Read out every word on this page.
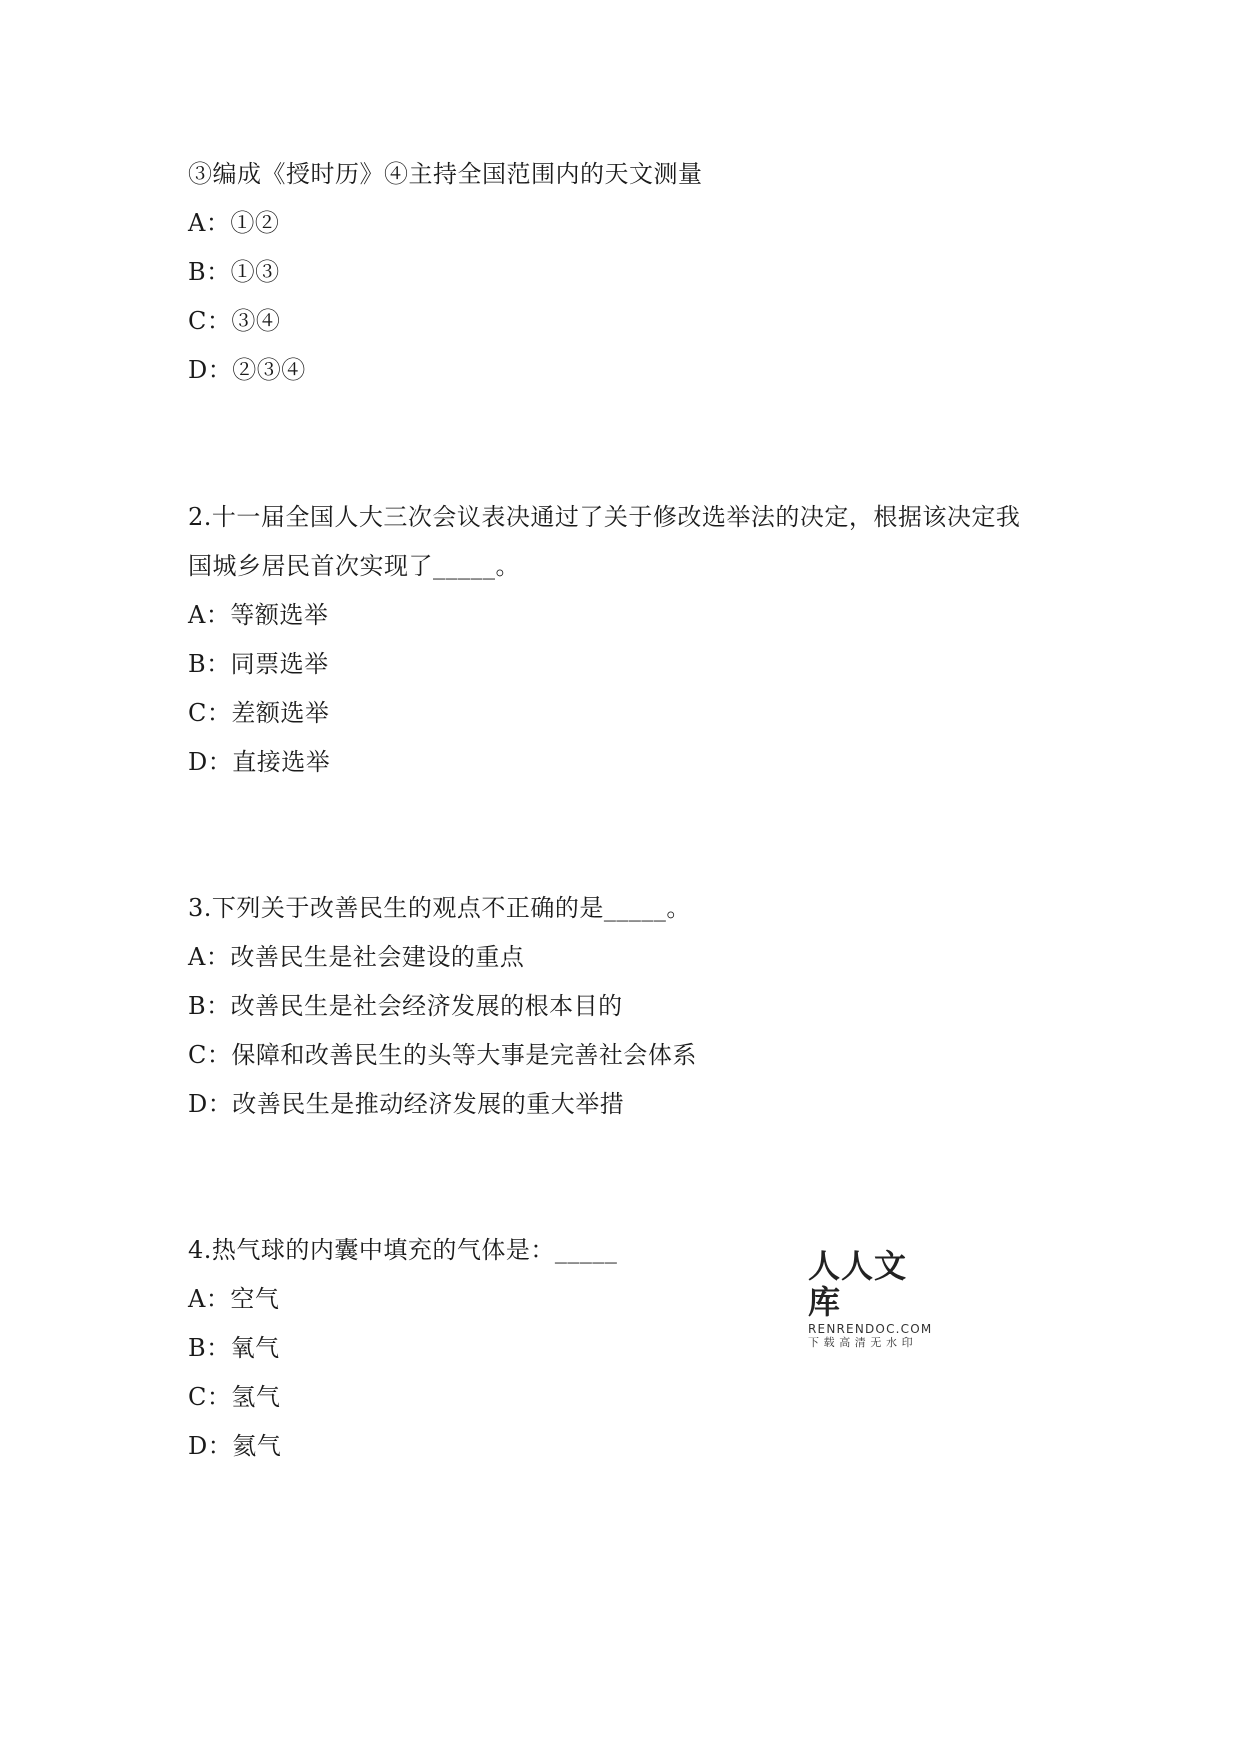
③编成《授时历》④主持全国范围内的天文测量
A：①②
B：①③
C：③④
D：②③④
2.十一届全国人大三次会议表决通过了关于修改选举法的决定，根据该决定我
国城乡居民首次实现了_____。
A：等额选举
B：同票选举
C：差额选举
D：直接选举
3.下列关于改善民生的观点不正确的是_____。
A：改善民生是社会建设的重点
B：改善民生是社会经济发展的根本目的
C：保障和改善民生的头等大事是完善社会体系
D：改善民生是推动经济发展的重大举措
4.热气球的内囊中填充的气体是：_____
A：空气
B：氧气
C：氢气
D：氦气
人人文库
RENRENDOC.COM
下载高清无水印
